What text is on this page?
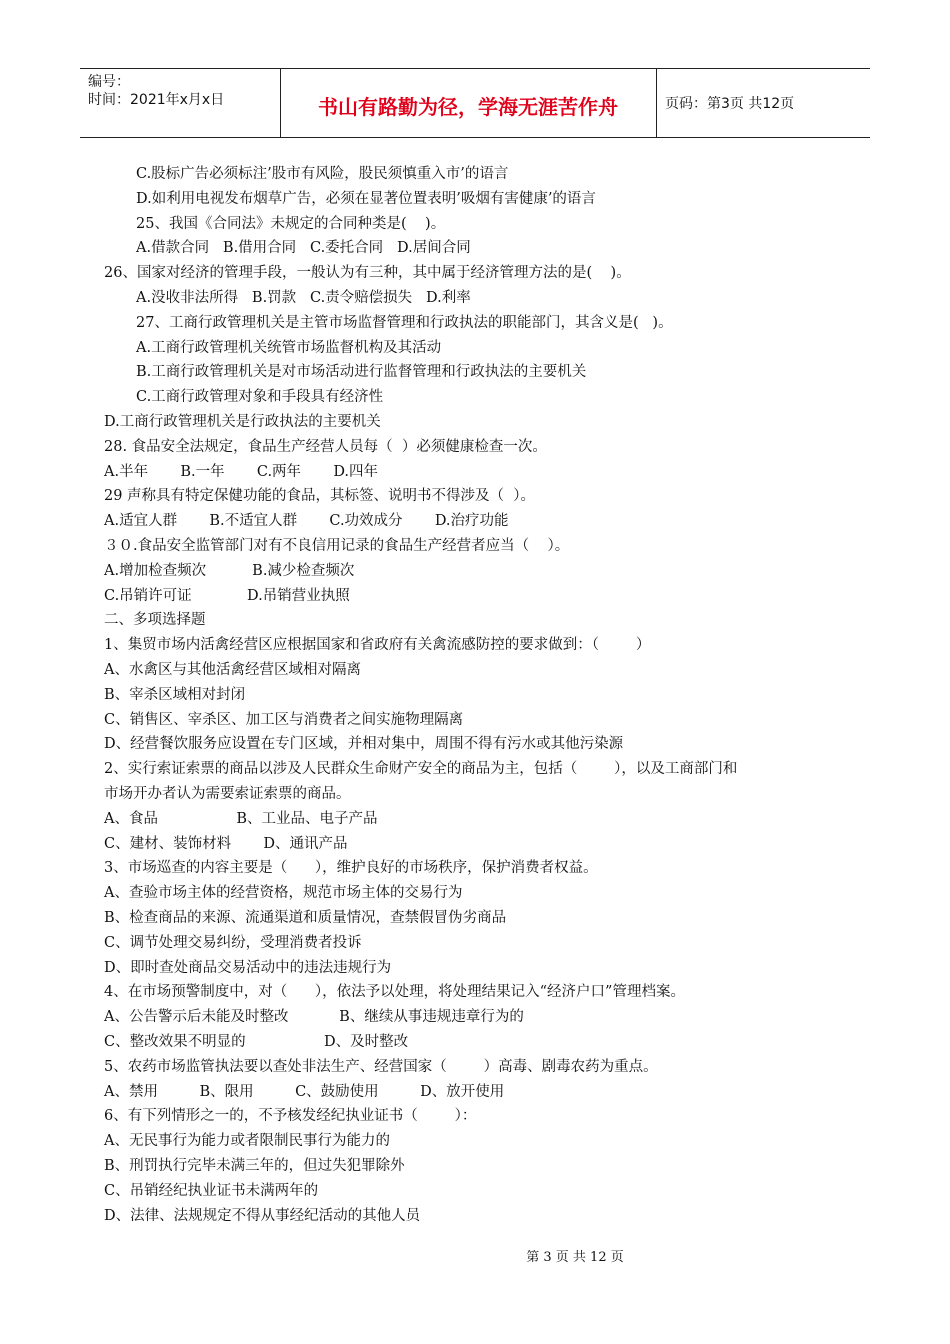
编号：
时间：2021年x月x日	书山有路勤为径，学海无涯苦作舟	页码：第3页 共12页
C.股标广告必须标注’股市有风险，股民须慎重入市’的语言
D.如利用电视发布烟草广告，必须在显著位置表明’吸烟有害健康’的语言
25、我国《合同法》未规定的合同种类是(    )。
A.借款合同   B.借用合同   C.委托合同   D.居间合同
26、国家对经济的管理手段，一般认为有三种，其中属于经济管理方法的是(    )。
A.没收非法所得   B.罚款   C.责令赔偿损失   D.利率
27、工商行政管理机关是主管市场监督管理和行政执法的职能部门，其含义是(   )。
A.工商行政管理机关统管市场监督机构及其活动
B.工商行政管理机关是对市场活动进行监督管理和行政执法的主要机关
C.工商行政管理对象和手段具有经济性
D.工商行政管理机关是行政执法的主要机关
28. 食品安全法规定，食品生产经营人员每（  ）必须健康检查一次。
A.半年       B.一年       C.两年       D.四年
29 声称具有特定保健功能的食品，其标签、说明书不得涉及（  ）。
A.适宜人群       B.不适宜人群       C.功效成分       D.治疗功能
３０.食品安全监管部门对有不良信用记录的食品生产经营者应当（    ）。
A.增加检查频次          B.减少检查频次
C.吊销许可证            D.吊销营业执照
二、多项选择题
1、集贸市场内活禽经营区应根据国家和省政府有关禽流感防控的要求做到：（        ）
A、水禽区与其他活禽经营区域相对隔离
B、宰杀区域相对封闭
C、销售区、宰杀区、加工区与消费者之间实施物理隔离
D、经营餐饮服务应设置在专门区域，并相对集中，周围不得有污水或其他污染源
2、实行索证索票的商品以涉及人民群众生命财产安全的商品为主，包括（        ），以及工商部门和
市场开办者认为需要索证索票的商品。
A、食品                 B、工业品、电子产品
C、建材、装饰材料       D、通讯产品
3、市场巡查的内容主要是（      ），维护良好的市场秩序，保护消费者权益。
A、查验市场主体的经营资格，规范市场主体的交易行为
B、检查商品的来源、流通渠道和质量情况，查禁假冒伪劣商品
C、调节处理交易纠纷，受理消费者投诉
D、即时查处商品交易活动中的违法违规行为
4、在市场预警制度中，对（      ），依法予以处理，将处理结果记入“经济户口”管理档案。
A、公告警示后未能及时整改           B、继续从事违规违章行为的
C、整改效果不明显的                 D、及时整改
5、农药市场监管执法要以查处非法生产、经营国家（        ）高毒、剧毒农药为重点。
A、禁用         B、限用         C、鼓励使用         D、放开使用
6、有下列情形之一的，不予核发经纪执业证书（        ）：
A、无民事行为能力或者限制民事行为能力的
B、刑罚执行完毕未满三年的，但过失犯罪除外
C、吊销经纪执业证书未满两年的
D、法律、法规规定不得从事经纪活动的其他人员
第 3 页 共 12 页
